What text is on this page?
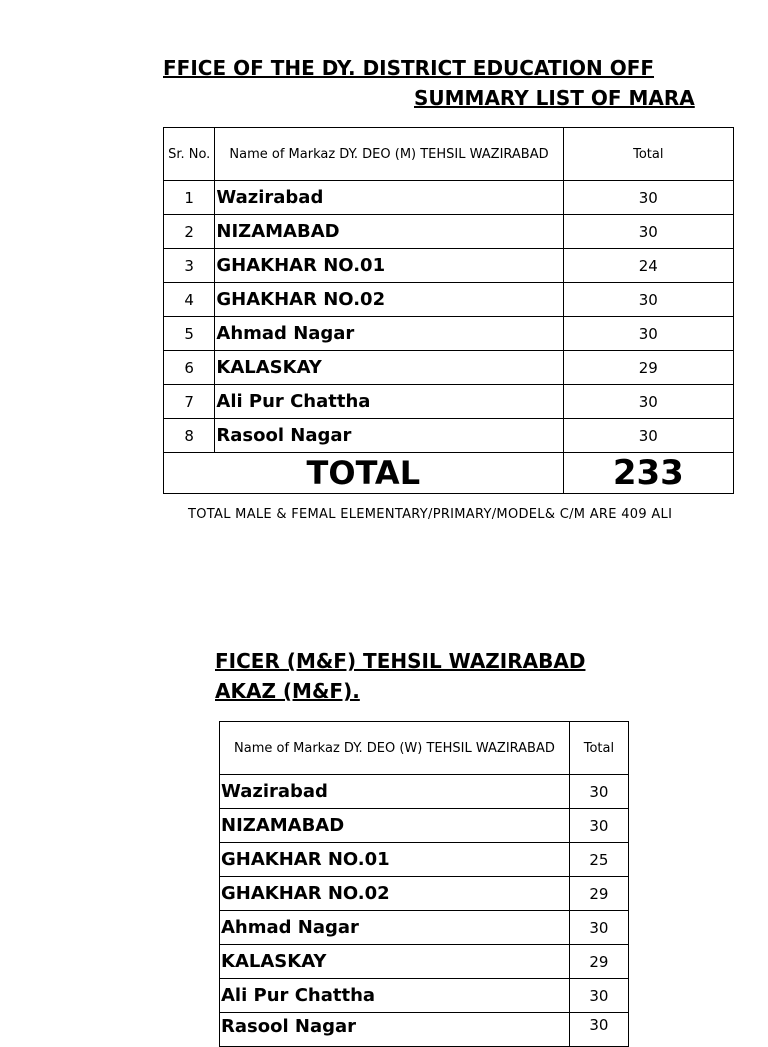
FFICE OF THE DY. DISTRICT EDUCATION OFF
SUMMARY LIST OF MARA
Sr. No.	Name of Markaz DY. DEO (M) TEHSIL WAZIRABAD	Total
1	Wazirabad	30
2	NIZAMABAD	30
3	GHAKHAR NO.01	24
4	GHAKHAR NO.02	30
5	Ahmad Nagar	30
6	KALASKAY	29
7	Ali Pur Chattha	30
8	Rasool Nagar	30
TOTAL		233
TOTAL MALE & FEMAL ELEMENTARY/PRIMARY/MODEL& C/M ARE 409 ALI
FICER (M&F) TEHSIL WAZIRABAD
AKAZ (M&F).
Name of Markaz DY. DEO (W) TEHSIL WAZIRABAD	Total
Wazirabad	30
NIZAMABAD	30
GHAKHAR NO.01	25
GHAKHAR NO.02	29
Ahmad Nagar	30
KALASKAY	29
Ali Pur Chattha	30
Rasool Nagar	30
